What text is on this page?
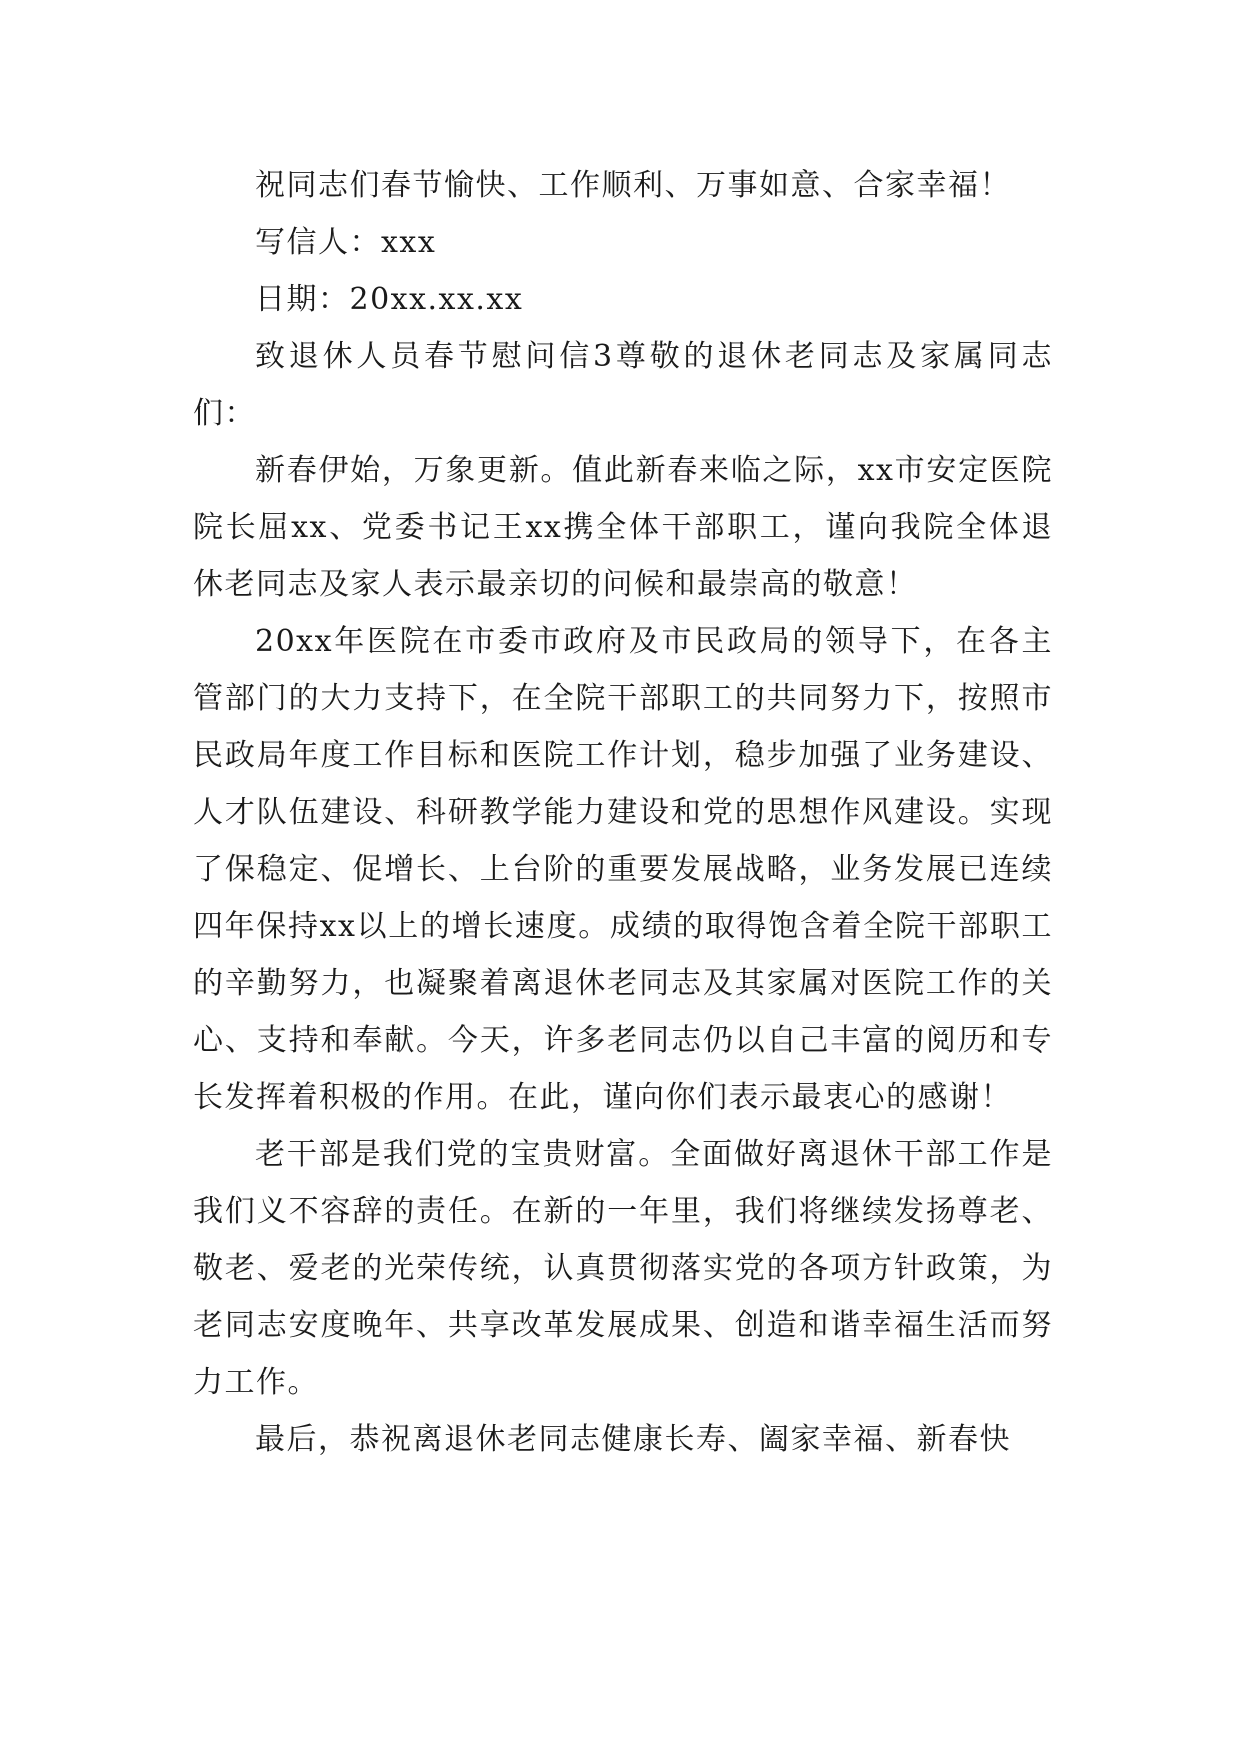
祝同志们春节愉快、工作顺利、万事如意、合家幸福！

写信人：xxx

日期：20xx.xx.xx

致退休人员春节慰问信3尊敬的退休老同志及家属同志们：

新春伊始，万象更新。值此新春来临之际，xx市安定医院院长屈xx、党委书记王xx携全体干部职工，谨向我院全体退休老同志及家人表示最亲切的问候和最崇高的敬意！

20xx年医院在市委市政府及市民政局的领导下，在各主管部门的大力支持下，在全院干部职工的共同努力下，按照市民政局年度工作目标和医院工作计划，稳步加强了业务建设、人才队伍建设、科研教学能力建设和党的思想作风建设。实现了保稳定、促增长、上台阶的重要发展战略，业务发展已连续四年保持xx以上的增长速度。成绩的取得饱含着全院干部职工的辛勤努力，也凝聚着离退休老同志及其家属对医院工作的关心、支持和奉献。今天，许多老同志仍以自己丰富的阅历和专长发挥着积极的作用。在此，谨向你们表示最衷心的感谢！

老干部是我们党的宝贵财富。全面做好离退休干部工作是我们义不容辞的责任。在新的一年里，我们将继续发扬尊老、敬老、爱老的光荣传统，认真贯彻落实党的各项方针政策，为老同志安度晚年、共享改革发展成果、创造和谐幸福生活而努力工作。

最后，恭祝离退休老同志健康长寿、阖家幸福、新春快
